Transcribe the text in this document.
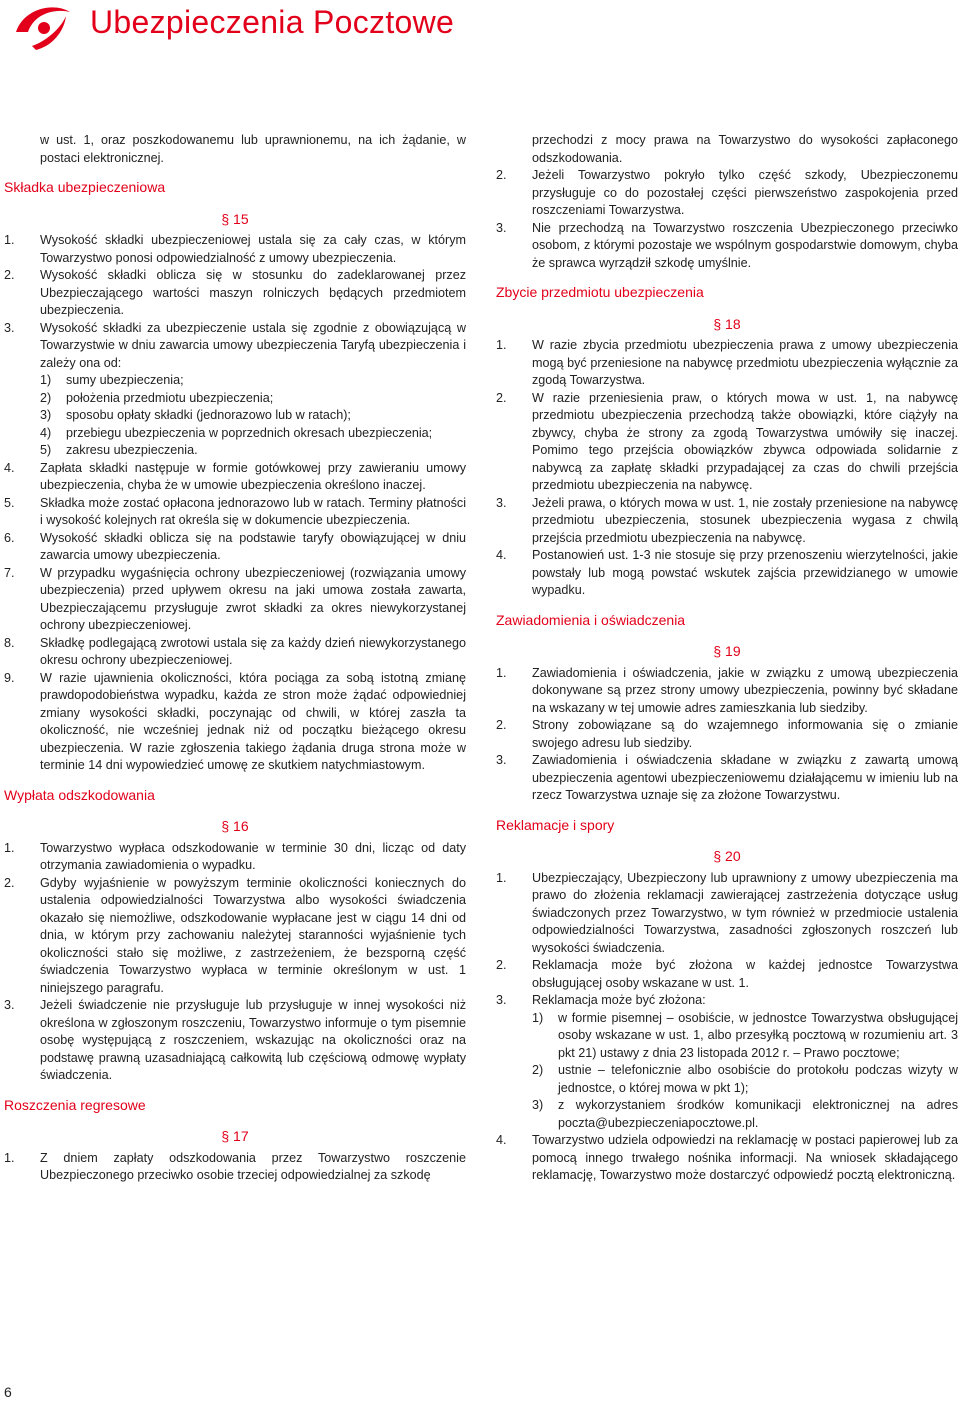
Ubezpieczenia Pocztowe

w ust. 1, oraz poszkodowanemu lub uprawnionemu, na ich żądanie, w postaci elektronicznej.

Składka ubezpieczeniowa
§ 15
1.	Wysokość składki ubezpieczeniowej ustala się za cały czas, w którym Towarzystwo ponosi odpowiedzialność z umowy ubezpieczenia.
2.	Wysokość składki oblicza się w stosunku do zadeklarowanej przez Ubezpieczającego wartości maszyn rolniczych będących przedmiotem ubezpieczenia.
3.	Wysokość składki za ubezpieczenie ustala się zgodnie z obowiązującą w Towarzystwie w dniu zawarcia umowy ubezpieczenia Taryfą ubezpieczenia i zależy ona od:
1)	sumy ubezpieczenia;
2)	położenia przedmiotu ubezpieczenia;
3)	sposobu opłaty składki (jednorazowo lub w ratach);
4)	przebiegu ubezpieczenia w poprzednich okresach ubezpieczenia;
5)	zakresu ubezpieczenia.
4.	Zapłata składki następuje w formie gotówkowej przy zawieraniu umowy ubezpieczenia, chyba że w umowie ubezpieczenia określono inaczej.
5.	Składka może zostać opłacona jednorazowo lub w ratach. Terminy płatności i wysokość kolejnych rat określa się w dokumencie ubezpieczenia.
6.	Wysokość składki oblicza się na podstawie taryfy obowiązującej w dniu zawarcia umowy ubezpieczenia.
7.	W przypadku wygaśnięcia ochrony ubezpieczeniowej (rozwiązania umowy ubezpieczenia) przed upływem okresu na jaki umowa została zawarta, Ubezpieczającemu przysługuje zwrot składki za okres niewykorzystanej ochrony ubezpieczeniowej.
8.	Składkę podlegającą zwrotowi ustala się za każdy dzień niewykorzystanego okresu ochrony ubezpieczeniowej.
9.	W razie ujawnienia okoliczności, która pociąga za sobą istotną zmianę prawdopodobieństwa wypadku, każda ze stron może żądać odpowiedniej zmiany wysokości składki, poczynając od chwili, w której zaszła ta okoliczność, nie wcześniej jednak niż od początku bieżącego okresu ubezpieczenia. W razie zgłoszenia takiego żądania druga strona może w terminie 14 dni wypowiedzieć umowę ze skutkiem natychmiastowym.
Wypłata odszkodowania
§ 16
1.	Towarzystwo wypłaca odszkodowanie w terminie 30 dni, licząc od daty otrzymania zawiadomienia o wypadku.
2.	Gdyby wyjaśnienie w powyższym terminie okoliczności koniecznych do ustalenia odpowiedzialności Towarzystwa albo wysokości świadczenia okazało się niemożliwe, odszkodowanie wypłacane jest w ciągu 14 dni od dnia, w którym przy zachowaniu należytej staranności wyjaśnienie tych okoliczności stało się możliwe, z zastrzeżeniem, że bezsporną część świadczenia Towarzystwo wypłaca w terminie określonym w ust. 1 niniejszego paragrafu.
3.	Jeżeli świadczenie nie przysługuje lub przysługuje w innej wysokości niż określona w zgłoszonym roszczeniu, Towarzystwo informuje o tym pisemnie osobę występującą z roszczeniem, wskazując na okoliczności oraz na podstawę prawną uzasadniającą całkowitą lub częściową odmowę wypłaty świadczenia.
Roszczenia regresowe
§ 17
1.	Z dniem zapłaty odszkodowania przez Towarzystwo roszczenie Ubezpieczonego przeciwko osobie trzeciej odpowiedzialnej za szkodę

przechodzi z mocy prawa na Towarzystwo do wysokości zapłaconego odszkodowania.

2.	Jeżeli Towarzystwo pokryło tylko część szkody, Ubezpieczonemu przysługuje co do pozostałej części pierwszeństwo zaspokojenia przed roszczeniami Towarzystwa.
3.	Nie przechodzą na Towarzystwo roszczenia Ubezpieczonego przeciwko osobom, z którymi pozostaje we wspólnym gospodarstwie domowym, chyba że sprawca wyrządził szkodę umyślnie.
Zbycie przedmiotu ubezpieczenia
§ 18
1.	W razie zbycia przedmiotu ubezpieczenia prawa z umowy ubezpieczenia mogą być przeniesione na nabywcę przedmiotu ubezpieczenia wyłącznie za zgodą Towarzystwa.
2.	W razie przeniesienia praw, o których mowa w ust. 1, na nabywcę przedmiotu ubezpieczenia przechodzą także obowiązki, które ciążyły na zbywcy, chyba że strony za zgodą Towarzystwa umówiły się inaczej. Pomimo tego przejścia obowiązków zbywca odpowiada solidarnie z nabywcą za zapłatę składki przypadającej za czas do chwili przejścia przedmiotu ubezpieczenia na nabywcę.
3.	Jeżeli prawa, o których mowa w ust. 1, nie zostały przeniesione na nabywcę przedmiotu ubezpieczenia, stosunek ubezpieczenia wygasa z chwilą przejścia przedmiotu ubezpieczenia na nabywcę.
4.	Postanowień ust. 1-3 nie stosuje się przy przenoszeniu wierzytelności, jakie powstały lub mogą powstać wskutek zajścia przewidzianego w umowie wypadku.
Zawiadomienia i oświadczenia
§ 19
1.	Zawiadomienia i oświadczenia, jakie w związku z umową ubezpieczenia dokonywane są przez strony umowy ubezpieczenia, powinny być składane na wskazany w tej umowie adres zamieszkania lub siedziby.
2.	Strony zobowiązane są do wzajemnego informowania się o zmianie swojego adresu lub siedziby.
3.	Zawiadomienia i oświadczenia składane w związku z zawartą umową ubezpieczenia agentowi ubezpieczeniowemu działającemu w imieniu lub na rzecz Towarzystwa uznaje się za złożone Towarzystwu.
Reklamacje i spory
§ 20
1.	Ubezpieczający, Ubezpieczony lub uprawniony z umowy ubezpieczenia ma prawo do złożenia reklamacji zawierającej zastrzeżenia dotyczące usług świadczonych przez Towarzystwo, w tym również w przedmiocie ustalenia odpowiedzialności Towarzystwa, zasadności zgłoszonych roszczeń lub wysokości świadczenia.
2.	Reklamacja może być złożona w każdej jednostce Towarzystwa obsługującej osoby wskazane w ust. 1.
3.	Reklamacja może być złożona:
1)	w formie pisemnej – osobiście, w jednostce Towarzystwa obsługującej osoby wskazane w ust. 1, albo przesyłką pocztową w rozumieniu art. 3 pkt 21) ustawy z dnia 23 listopada 2012 r. – Prawo pocztowe;
2)	ustnie – telefonicznie albo osobiście do protokołu podczas wizyty w jednostce, o której mowa w pkt 1);
3)	z wykorzystaniem środków komunikacji elektronicznej na adres poczta@ubezpieczeniapocztowe.pl.
4.	Towarzystwo udziela odpowiedzi na reklamację w postaci papierowej lub za pomocą innego trwałego nośnika informacji. Na wniosek składającego reklamację, Towarzystwo może dostarczyć odpowiedź pocztą elektroniczną.
6
